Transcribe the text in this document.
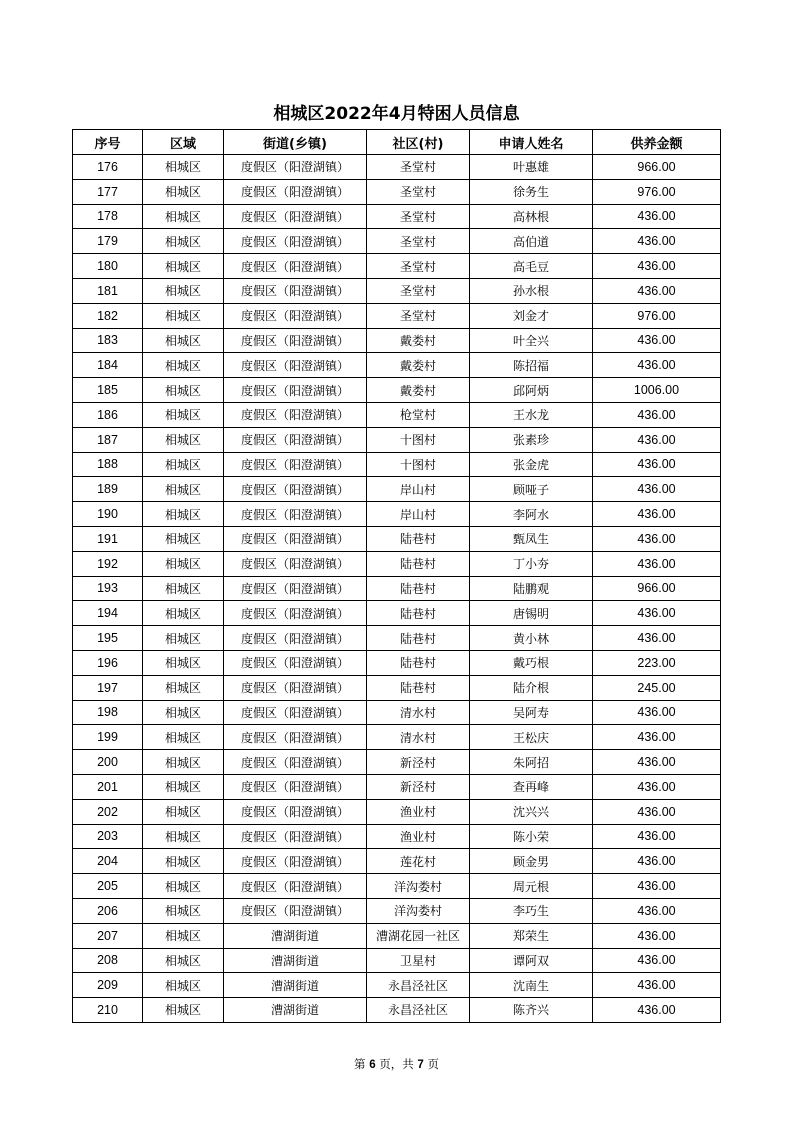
相城区2022年4月特困人员信息
序号	区域	街道(乡镇)	社区(村)	申请人姓名	供养金额
176	相城区	度假区（阳澄湖镇）	圣堂村	叶惠雄	966.00
177	相城区	度假区（阳澄湖镇）	圣堂村	徐务生	976.00
178	相城区	度假区（阳澄湖镇）	圣堂村	高林根	436.00
179	相城区	度假区（阳澄湖镇）	圣堂村	高伯道	436.00
180	相城区	度假区（阳澄湖镇）	圣堂村	高毛豆	436.00
181	相城区	度假区（阳澄湖镇）	圣堂村	孙水根	436.00
182	相城区	度假区（阳澄湖镇）	圣堂村	刘金才	976.00
183	相城区	度假区（阳澄湖镇）	戴娄村	叶全兴	436.00
184	相城区	度假区（阳澄湖镇）	戴娄村	陈招福	436.00
185	相城区	度假区（阳澄湖镇）	戴娄村	邱阿炳	1006.00
186	相城区	度假区（阳澄湖镇）	枪堂村	王水龙	436.00
187	相城区	度假区（阳澄湖镇）	十图村	张素珍	436.00
188	相城区	度假区（阳澄湖镇）	十图村	张金虎	436.00
189	相城区	度假区（阳澄湖镇）	岸山村	顾哑子	436.00
190	相城区	度假区（阳澄湖镇）	岸山村	李阿水	436.00
191	相城区	度假区（阳澄湖镇）	陆巷村	甄凤生	436.00
192	相城区	度假区（阳澄湖镇）	陆巷村	丁小夯	436.00
193	相城区	度假区（阳澄湖镇）	陆巷村	陆鹏观	966.00
194	相城区	度假区（阳澄湖镇）	陆巷村	唐锡明	436.00
195	相城区	度假区（阳澄湖镇）	陆巷村	黄小林	436.00
196	相城区	度假区（阳澄湖镇）	陆巷村	戴巧根	223.00
197	相城区	度假区（阳澄湖镇）	陆巷村	陆介根	245.00
198	相城区	度假区（阳澄湖镇）	清水村	吴阿寿	436.00
199	相城区	度假区（阳澄湖镇）	清水村	王松庆	436.00
200	相城区	度假区（阳澄湖镇）	新泾村	朱阿招	436.00
201	相城区	度假区（阳澄湖镇）	新泾村	查再峰	436.00
202	相城区	度假区（阳澄湖镇）	渔业村	沈兴兴	436.00
203	相城区	度假区（阳澄湖镇）	渔业村	陈小荣	436.00
204	相城区	度假区（阳澄湖镇）	莲花村	顾金男	436.00
205	相城区	度假区（阳澄湖镇）	洋沟娄村	周元根	436.00
206	相城区	度假区（阳澄湖镇）	洋沟娄村	李巧生	436.00
207	相城区	漕湖街道	漕湖花园一社区	郑荣生	436.00
208	相城区	漕湖街道	卫星村	谭阿双	436.00
209	相城区	漕湖街道	永昌泾社区	沈南生	436.00
210	相城区	漕湖街道	永昌泾社区	陈齐兴	436.00
第 6 页，共 7 页
